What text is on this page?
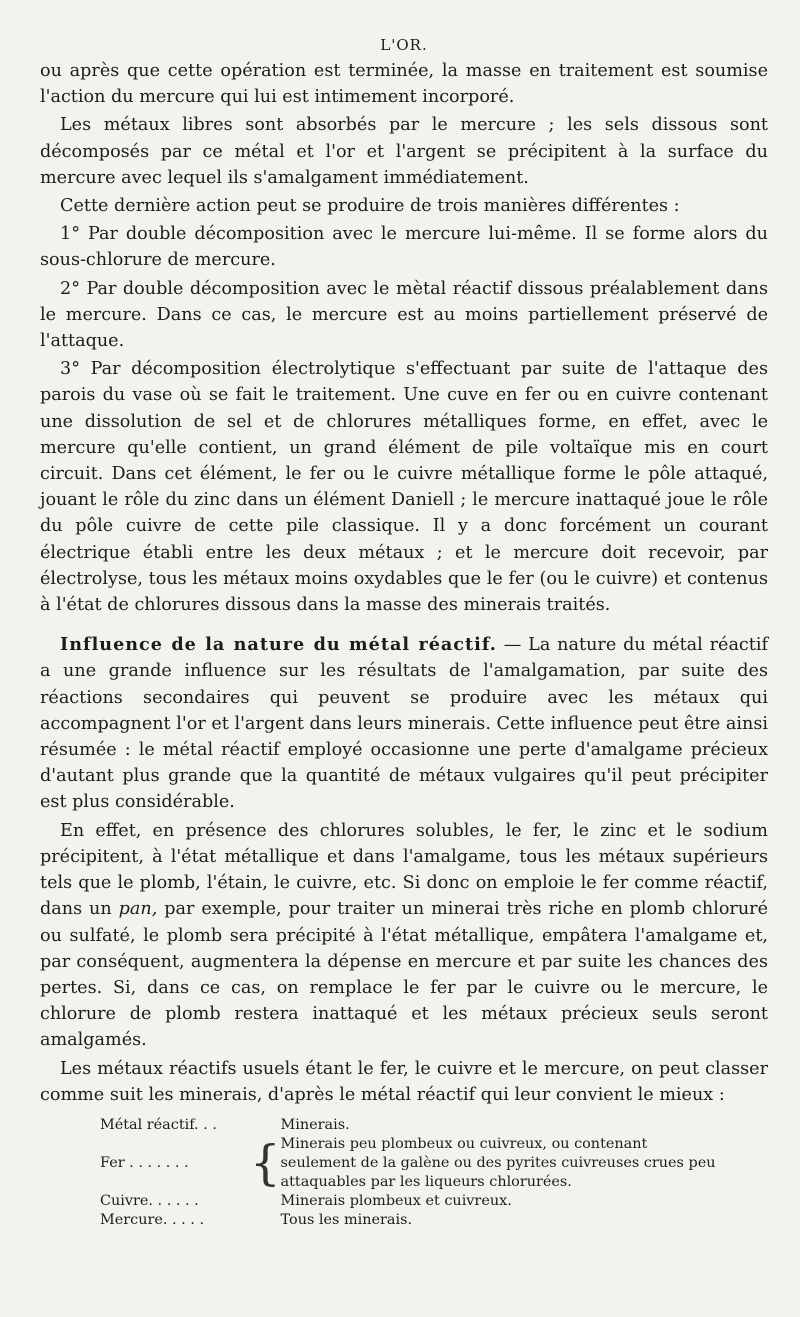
L'OR.

ou après que cette opération est terminée, la masse en traitement est soumise l'action du mercure qui lui est intimement incorporé.

Les métaux libres sont absorbés par le mercure ; les sels dissous sont décomposés par ce métal et l'or et l'argent se précipitent à la surface du mercure avec lequel ils s'amalgament immédiatement.

Cette dernière action peut se produire de trois manières différentes :

1° Par double décomposition avec le mercure lui-même. Il se forme alors du sous-chlorure de mercure.

2° Par double décomposition avec le mètal réactif dissous préalablement dans le mercure. Dans ce cas, le mercure est au moins partiellement préservé de l'attaque.

3° Par décomposition électrolytique s'effectuant par suite de l'attaque des parois du vase où se fait le traitement. Une cuve en fer ou en cuivre contenant une dissolution de sel et de chlorures métalliques forme, en effet, avec le mercure qu'elle contient, un grand élément de pile voltaïque mis en court circuit. Dans cet élément, le fer ou le cuivre métallique forme le pôle attaqué, jouant le rôle du zinc dans un élément Daniell ; le mercure inattaqué joue le rôle du pôle cuivre de cette pile classique. Il y a donc forcément un courant électrique établi entre les deux métaux ; et le mercure doit recevoir, par électrolyse, tous les métaux moins oxydables que le fer (ou le cuivre) et contenus à l'état de chlorures dissous dans la masse des minerais traités.

Influence de la nature du métal réactif. — La nature du métal réactif a une grande influence sur les résultats de l'amalgamation, par suite des réactions secondaires qui peuvent se produire avec les métaux qui accompagnent l'or et l'argent dans leurs minerais. Cette influence peut être ainsi résumée : le métal réactif employé occasionne une perte d'amalgame précieux d'autant plus grande que la quantité de métaux vulgaires qu'il peut précipiter est plus considérable.

En effet, en présence des chlorures solubles, le fer, le zinc et le sodium précipitent, à l'état métallique et dans l'amalgame, tous les métaux supérieurs tels que le plomb, l'étain, le cuivre, etc. Si donc on emploie le fer comme réactif, dans un pan, par exemple, pour traiter un minerai très riche en plomb chloruré ou sulfaté, le plomb sera précipité à l'état métallique, empâtera l'amalgame et, par conséquent, augmentera la dépense en mercure et par suite les chances des pertes. Si, dans ce cas, on remplace le fer par le cuivre ou le mercure, le chlorure de plomb restera inattaqué et les métaux précieux seuls seront amalgamés.

Les métaux réactifs usuels étant le fer, le cuivre et le mercure, on peut classer comme suit les minerais, d'après le métal réactif qui leur convient le mieux :

Métal réactif. . .		Minerais.
Fer . . . . . . .	{	Minerais peu plombeux ou cuivreux, ou contenant seulement de la galène ou des pyrites cuivreuses crues peu attaquables par les liqueurs chlorurées.
Cuivre. . . . . .		Minerais plombeux et cuivreux.
Mercure. . . . .		Tous les minerais.
